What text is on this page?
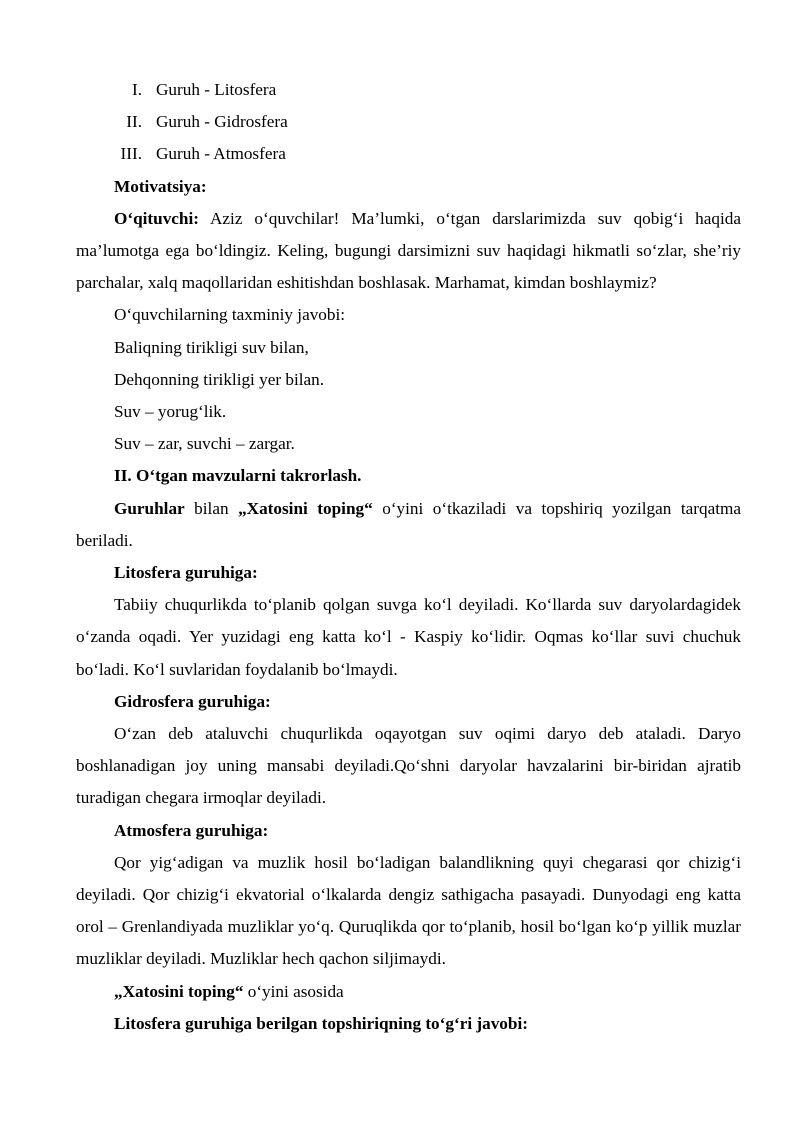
I. Guruh - Litosfera
II. Guruh - Gidrosfera
III. Guruh - Atmosfera

Motivatsiya:

O‘qituvchi: Aziz o‘quvchilar! Ma’lumki, o‘tgan darslarimizda suv qobig‘i haqida ma’lumotga ega bo‘ldingiz. Keling, bugungi darsimizni suv haqidagi hikmatli so‘zlar, she’riy parchalar, xalq maqollaridan eshitishdan boshlasak. Marhamat, kimdan boshlaymiz?

O‘quvchilarning taxminiy javobi:

Baliqning tirikligi suv bilan,

Dehqonning tirikligi yer bilan.

Suv – yorug‘lik.

Suv – zar, suvchi – zargar.

II. O‘tgan mavzularni takrorlash.

Guruhlar bilan „Xatosini toping“ o‘yini o‘tkaziladi va topshiriq yozilgan tarqatma beriladi.

Litosfera guruhiga:

Tabiiy chuqurlikda to‘planib qolgan suvga ko‘l deyiladi. Ko‘llarda suv daryolardagidek o‘zanda oqadi. Yer yuzidagi eng katta ko‘l - Kaspiy ko‘lidir. Oqmas ko‘llar suvi chuchuk bo‘ladi. Ko‘l suvlaridan foydalanib bo‘lmaydi.

Gidrosfera guruhiga:

O‘zan deb ataluvchi chuqurlikda oqayotgan suv oqimi daryo deb ataladi. Daryo boshlanadigan joy uning mansabi deyiladi.Qo‘shni daryolar havzalarini bir-biridan ajratib turadigan chegara irmoqlar deyiladi.

Atmosfera guruhiga:

Qor yig‘adigan va muzlik hosil bo‘ladigan balandlikning quyi chegarasi qor chizig‘i deyiladi. Qor chizig‘i ekvatorial o‘lkalarda dengiz sathigacha pasayadi. Dunyodagi eng katta orol – Grenlandiyada muzliklar yo‘q. Quruqlikda qor to‘planib, hosil bo‘lgan ko‘p yillik muzlar muzliklar deyiladi. Muzliklar hech qachon siljimaydi.

„Xatosini toping“ o‘yini asosida

Litosfera guruhiga berilgan topshiriqning to‘g‘ri javobi:
